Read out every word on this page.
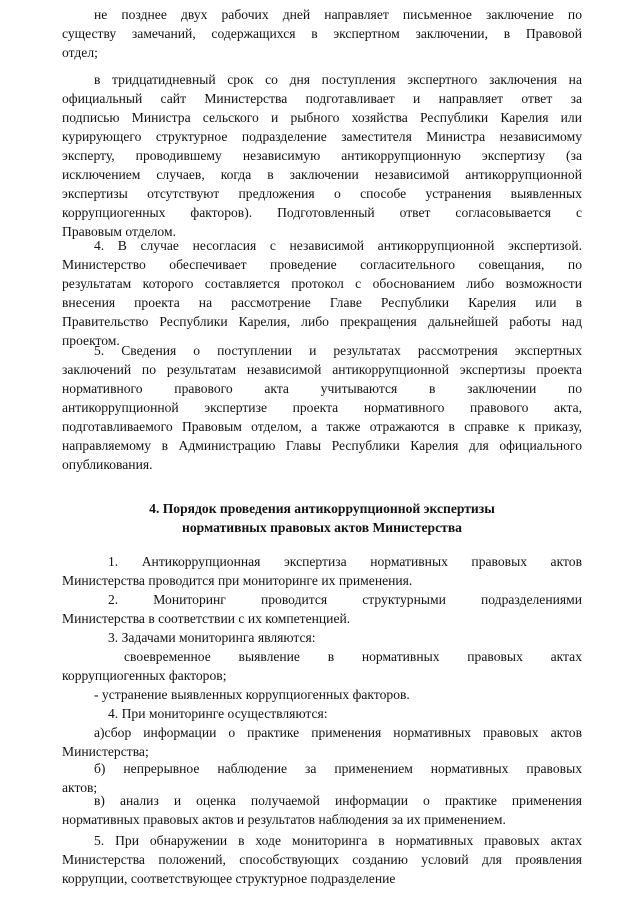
не позднее двух рабочих дней направляет письменное заключение по

существу замечаний, содержащихся в экспертном заключении, в Правовой

отдел;

в тридцатидневный срок со дня поступления экспертного заключения на

официальный сайт Министерства подготавливает и направляет ответ за

подписью Министра сельского и рыбного хозяйства Республики Карелия или

курирующего структурное подразделение заместителя Министра независимому

эксперту, проводившему независимую антикоррупционную экспертизу (за

исключением случаев, когда в заключении независимой антикоррупционной

экспертизы отсутствуют предложения о способе устранения выявленных

коррупциогенных факторов). Подготовленный ответ согласовывается с

Правовым отделом.

4. В случае несогласия с независимой антикоррупционной экспертизой.

Министерство обеспечивает проведение согласительного совещания, по

результатам которого составляется протокол с обоснованием либо возможности

внесения проекта на рассмотрение Главе Республики Карелия или в

Правительство Республики Карелия, либо прекращения дальнейшей работы над

проектом.

5. Сведения о поступлении и результатах рассмотрения экспертных

заключений по результатам независимой антикоррупционной экспертизы проекта

нормативного правового акта учитываются в заключении по

антикоррупционной экспертизе проекта нормативного правового акта,

подготавливаемого Правовым отделом, а также отражаются в справке к приказу,

направляемому в Администрацию Главы Республики Карелия для официального

опубликования.

4. Порядок проведения антикоррупционной экспертизы

нормативных правовых актов Министерства

1. Антикоррупционная экспертиза нормативных правовых актов

Министерства проводится при мониторинге их применения.

2. Мониторинг проводится структурными подразделениями

Министерства в соответствии с их компетенцией.

3. Задачами мониторинга являются:

своевременное выявление в нормативных правовых актах

коррупциогенных факторов;

- устранение выявленных коррупциогенных факторов.

4. При мониторинге осуществляются:

а)сбор информации о практике применения нормативных правовых актов

Министерства;

б) непрерывное наблюдение за применением нормативных правовых

актов;

в) анализ и оценка получаемой информации о практике применения

нормативных правовых актов и результатов наблюдения за их применением.

5. При обнаружении в ходе мониторинга в нормативных правовых актах

Министерства положений, способствующих созданию условий для проявления

коррупции, соответствующее структурное подразделение
